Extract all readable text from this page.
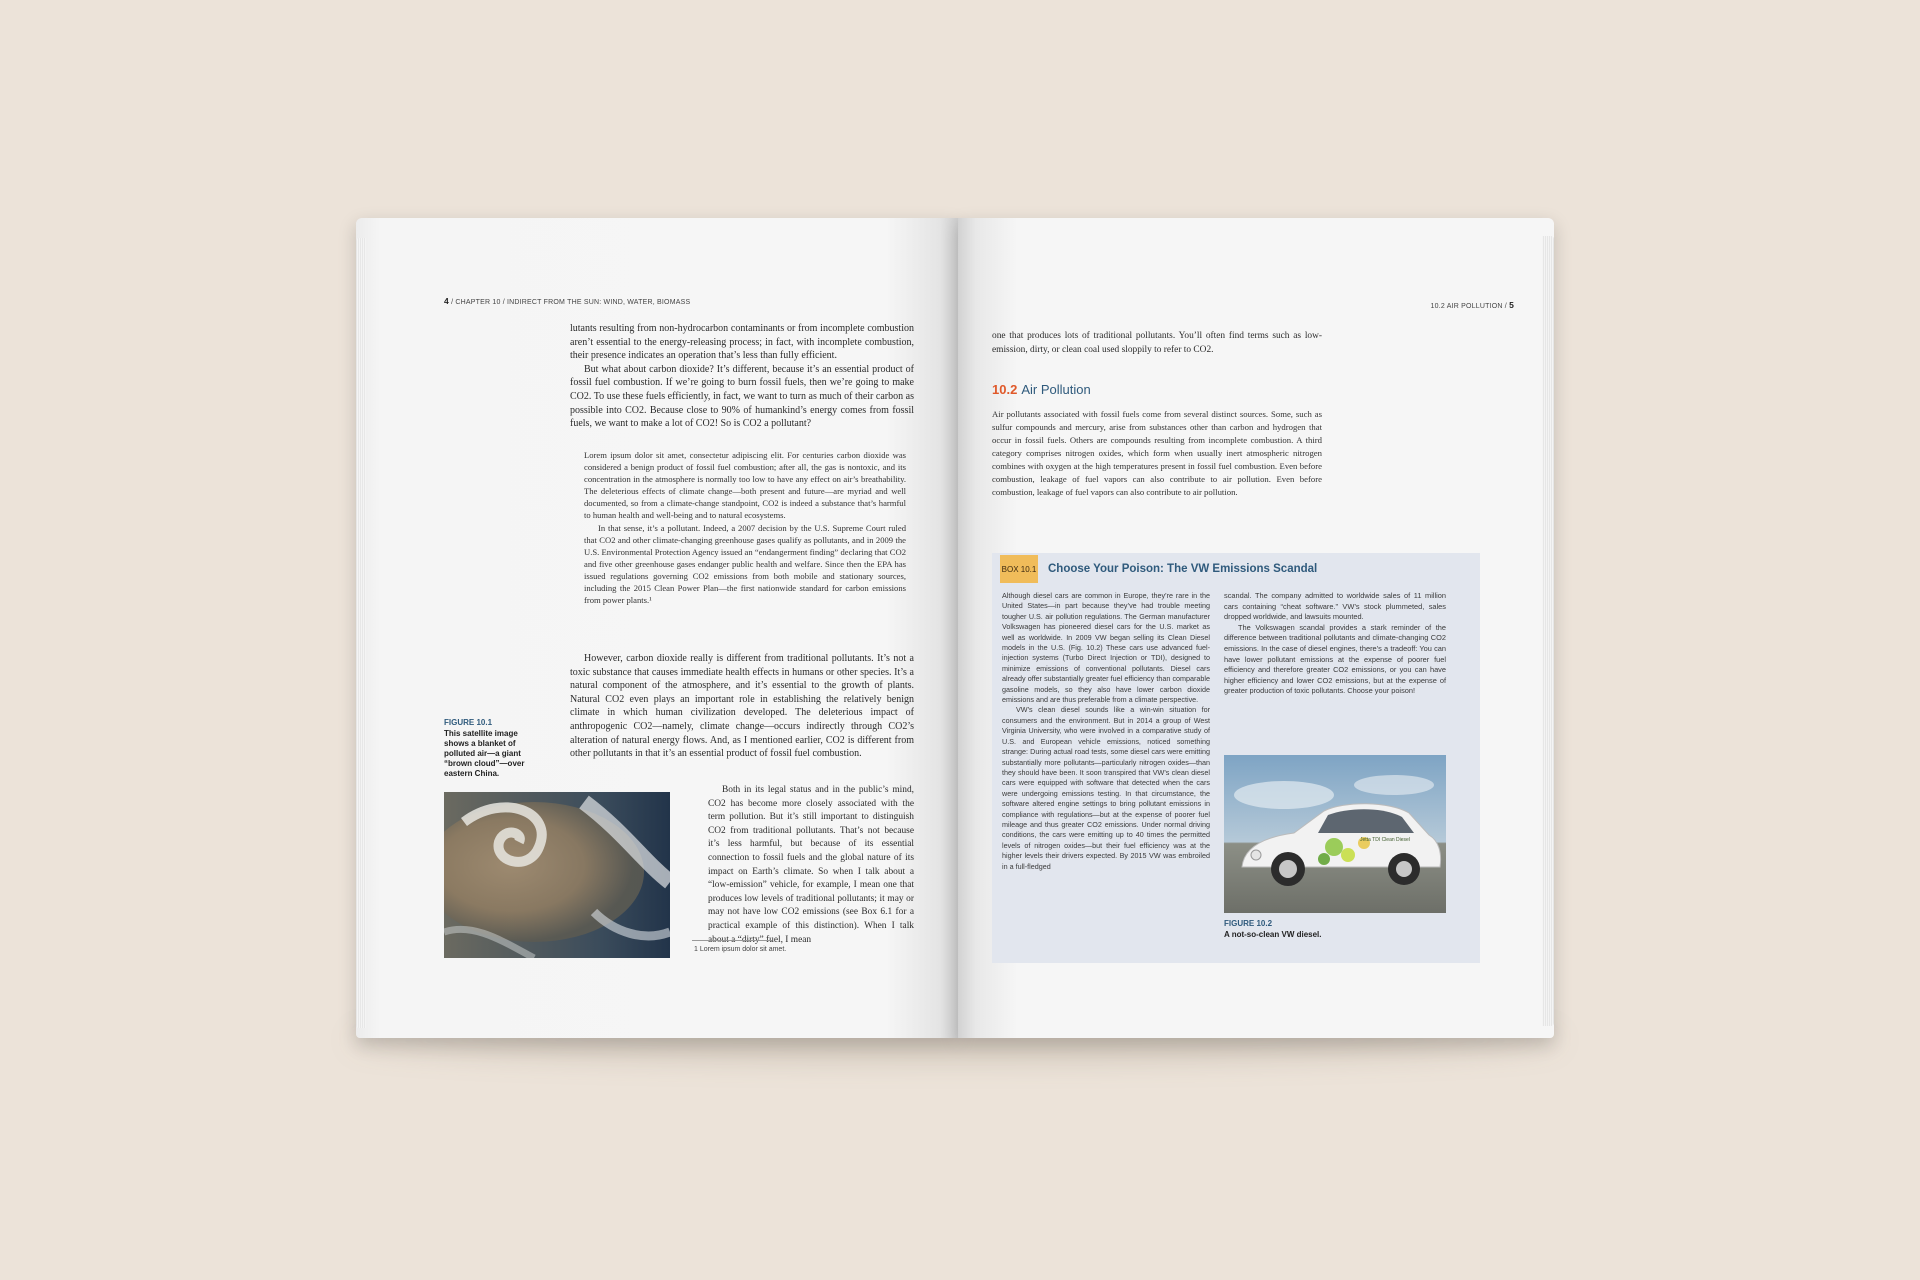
4 / CHAPTER 10 / INDIRECT FROM THE SUN: WIND, WATER, BIOMASS

lutants resulting from non-hydrocarbon contaminants or from incomplete combustion aren’t essential to the energy-releasing process; in fact, with incomplete combustion, their presence indicates an operation that’s less than fully efficient.

But what about carbon dioxide? It’s different, because it’s an essential product of fossil fuel combustion. If we’re going to burn fossil fuels, then we’re going to make CO2. To use these fuels efficiently, in fact, we want to turn as much of their carbon as possible into CO2. Because close to 90% of humankind’s energy comes from fossil fuels, we want to make a lot of CO2! So is CO2 a pollutant?

Lorem ipsum dolor sit amet, consectetur adipiscing elit. For centuries carbon dioxide was considered a benign product of fossil fuel combustion; after all, the gas is nontoxic, and its concentration in the atmosphere is normally too low to have any effect on air’s breathability. The deleterious effects of climate change—both present and future—are myriad and well documented, so from a climate-change standpoint, CO2 is indeed a substance that’s harmful to human health and well-being and to natural ecosystems.

In that sense, it’s a pollutant. Indeed, a 2007 decision by the U.S. Supreme Court ruled that CO2 and other climate-changing greenhouse gases qualify as pollutants, and in 2009 the U.S. Environmental Protection Agency issued an “endangerment finding” declaring that CO2 and five other greenhouse gases endanger public health and welfare. Since then the EPA has issued regulations governing CO2 emissions from both mobile and stationary sources, including the 2015 Clean Power Plan—the first nationwide standard for carbon emissions from power plants.¹

However, carbon dioxide really is different from traditional pollutants. It’s not a toxic substance that causes immediate health effects in humans or other species. It’s a natural component of the atmosphere, and it’s essential to the growth of plants. Natural CO2 even plays an important role in establishing the relatively benign climate in which human civilization developed. The deleterious impact of anthropogenic CO2—namely, climate change—occurs indirectly through CO2’s alteration of natural energy flows. And, as I mentioned earlier, CO2 is different from other pollutants in that it’s an essential product of fossil fuel combustion.

Both in its legal status and in the public’s mind, CO2 has become more closely associated with the term pollution. But it’s still important to distinguish CO2 from traditional pollutants. That’s not because it’s less harmful, but because of its essential connection to fossil fuels and the global nature of its impact on Earth’s climate. So when I talk about a “low-emission” vehicle, for example, I mean one that produces low levels of traditional pollutants; it may or may not have low CO2 emissions (see Box 6.1 for a practical example of this distinction). When I talk about a “dirty” fuel, I mean

FIGURE 10.1

This satellite image shows a blanket of polluted air—a giant “brown cloud”—over eastern China.

1 Lorem ipsum dolor sit amet.
10.2 AIR POLLUTION / 5

one that produces lots of traditional pollutants. You’ll often find terms such as low-emission, dirty, or clean coal used sloppily to refer to CO2.

10.2 Air Pollution

Air pollutants associated with fossil fuels come from several distinct sources. Some, such as sulfur compounds and mercury, arise from substances other than carbon and hydrogen that occur in fossil fuels. Others are compounds resulting from incomplete combustion. A third category comprises nitrogen oxides, which form when usually inert atmospheric nitrogen combines with oxygen at the high temperatures present in fossil fuel combustion. Even before combustion, leakage of fuel vapors can also contribute to air pollution. Even before combustion, leakage of fuel vapors can also contribute to air pollution.

BOX 10.1 Choose Your Poison: The VW Emissions Scandal

Although diesel cars are common in Europe, they’re rare in the United States—in part because they’ve had trouble meeting tougher U.S. air pollution regulations. The German manufacturer Volkswagen has pioneered diesel cars for the U.S. market as well as worldwide. In 2009 VW began selling its Clean Diesel models in the U.S. (Fig. 10.2) These cars use advanced fuel-injection systems (Turbo Direct Injection or TDI), designed to minimize emissions of conventional pollutants. Diesel cars already offer substantially greater fuel efficiency than comparable gasoline models, so they also have lower carbon dioxide emissions and are thus preferable from a climate perspective.

VW’s clean diesel sounds like a win-win situation for consumers and the environment. But in 2014 a group of West Virginia University, who were involved in a comparative study of U.S. and European vehicle emissions, noticed something strange: During actual road tests, some diesel cars were emitting substantially more pollutants—particularly nitrogen oxides—than they should have been. It soon transpired that VW’s clean diesel cars were equipped with software that detected when the cars were undergoing emissions testing. In that circumstance, the software altered engine settings to bring pollutant emissions in compliance with regulations—but at the expense of poorer fuel mileage and thus greater CO2 emissions. Under normal driving conditions, the cars were emitting up to 40 times the permitted levels of nitrogen oxides—but their fuel efficiency was at the higher levels their drivers expected. By 2015 VW was embroiled in a full-fledged

scandal. The company admitted to worldwide sales of 11 million cars containing “cheat software.” VW’s stock plummeted, sales dropped worldwide, and lawsuits mounted.

The Volkswagen scandal provides a stark reminder of the difference between traditional pollutants and climate-changing CO2 emissions. In the case of diesel engines, there’s a tradeoff: You can have lower pollutant emissions at the expense of poorer fuel efficiency and therefore greater CO2 emissions, or you can have higher efficiency and lower CO2 emissions, but at the expense of greater production of toxic pollutants. Choose your poison!

Jetta TDI Clean Diesel

FIGURE 10.2

A not-so-clean VW diesel.
